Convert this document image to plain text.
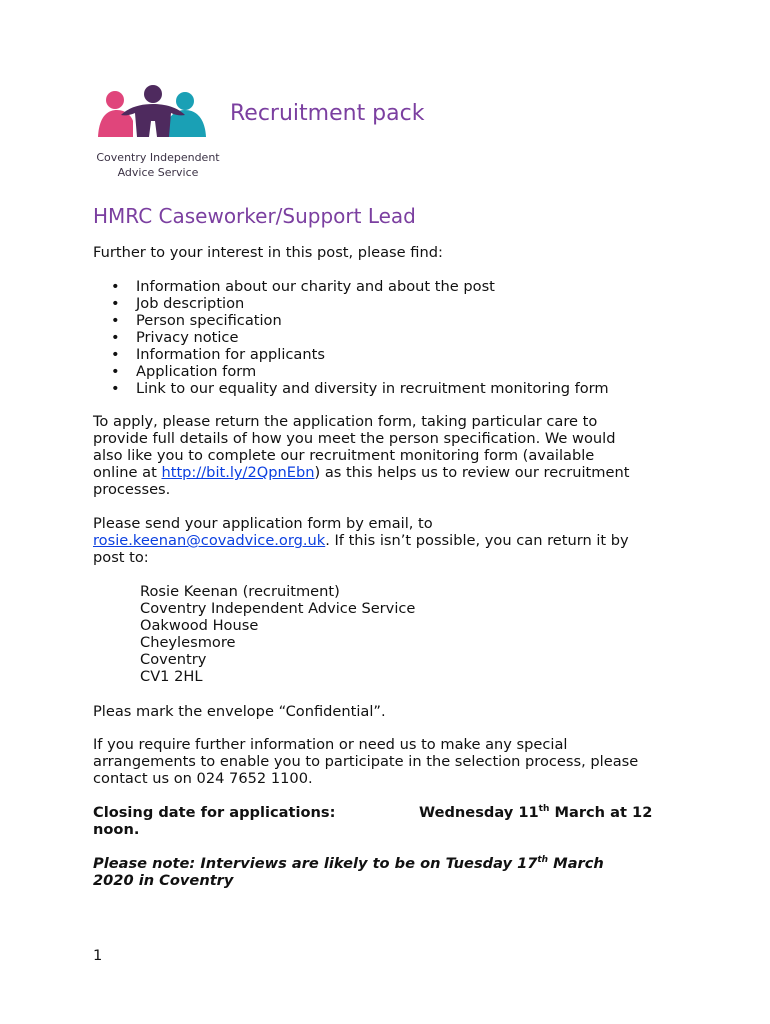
Coventry Independent
Advice Service
Recruitment pack
HMRC Caseworker/Support Lead
Further to your interest in this post, please find:
• Information about our charity and about the post
• Job description
• Person specification
• Privacy notice
• Information for applicants
• Application form
• Link to our equality and diversity in recruitment monitoring form

To apply, please return the application form, taking particular care to

provide full details of how you meet the person specification. We would

also like you to complete our recruitment monitoring form (available

online at http://bit.ly/2QpnEbn) as this helps us to review our recruitment

processes.

Please send your application form by email, to

rosie.keenan@covadvice.org.uk. If this isn’t possible, you can return it by

post to:

Rosie Keenan (recruitment)

Coventry Independent Advice Service

Oakwood House

Cheylesmore

Coventry

CV1 2HL

Pleas mark the envelope “Confidential”.

If you require further information or need us to make any special

arrangements to enable you to participate in the selection process, please

contact us on 024 7652 1100.

Closing date for applications:	Wednesday 11th March at 12

noon.

Please note: Interviews are likely to be on Tuesday 17th March

2020 in Coventry

1
